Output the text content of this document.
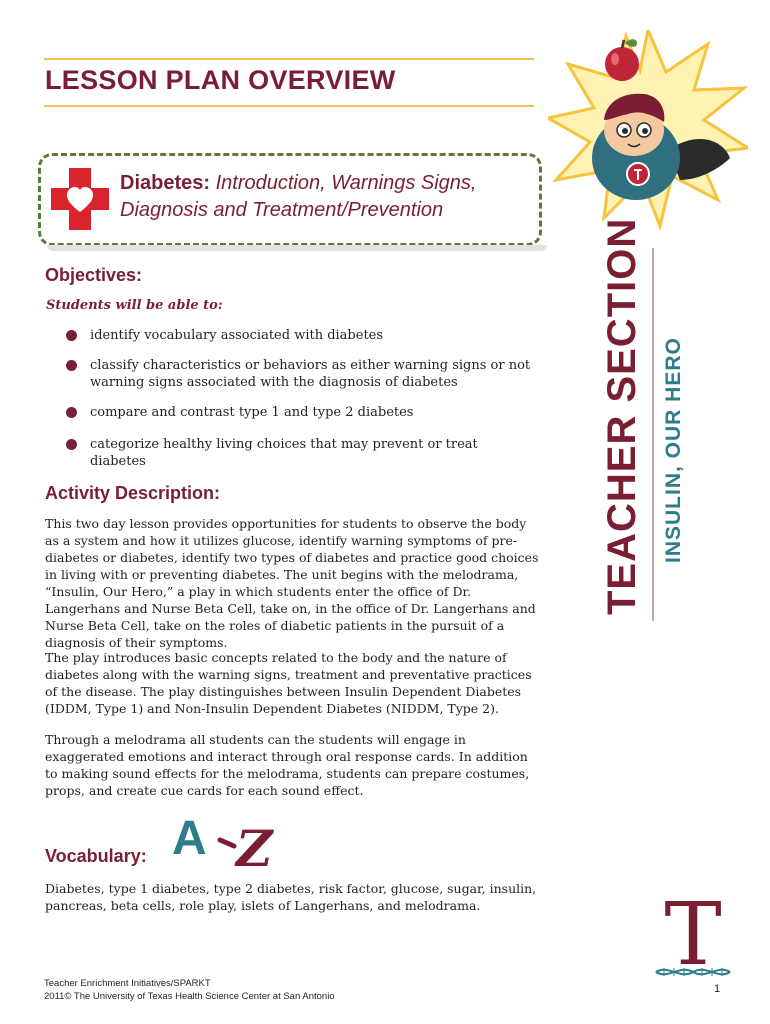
LESSON PLAN OVERVIEW
Diabetes: Introduction, Warnings Signs,
Diagnosis and Treatment/Prevention
Objectives:
Students will be able to:
identify vocabulary associated with diabetes
classify characteristics or behaviors as either warning signs or not warning signs associated with the diagnosis of diabetes
compare and contrast type 1 and type 2 diabetes
categorize healthy living choices that may prevent or treat diabetes
Activity Description:

This two day lesson provides opportunities for students to observe the body as a system and how it utilizes glucose, identify warning symptoms of pre-diabetes or diabetes, identify two types of diabetes and practice good choices in living with or preventing diabetes. The unit begins with the melodrama, “Insulin, Our Hero,” a play in which students enter the office of Dr. Langerhans and Nurse Beta Cell, take on, in the office of Dr. Langerhans and Nurse Beta Cell, take on the roles of diabetic patients in the pursuit of a diagnosis of their symptoms.

The play introduces basic concepts related to the body and the nature of diabetes along with the warning signs, treatment and preventative practices of the disease. The play distinguishes between Insulin Dependent Diabetes (IDDM, Type 1) and Non-Insulin Dependent Diabetes (NIDDM, Type 2).

Through a melodrama all students can the students will engage in exaggerated emotions and interact through oral response cards. In addition to making sound effects for the melodrama, students can prepare costumes, props, and create cue cards for each sound effect.

Vocabulary: A Z

Diabetes, type 1 diabetes, type 2 diabetes, risk factor, glucose, sugar, insulin, pancreas, beta cells, role play, islets of Langerhans, and melodrama.

TEACHER SECTION INSULIN, OUR HERO
T
Teacher Enrichment Initiatives/SPARKT
2011© The University of Texas Health Science Center at San Antonio
1
